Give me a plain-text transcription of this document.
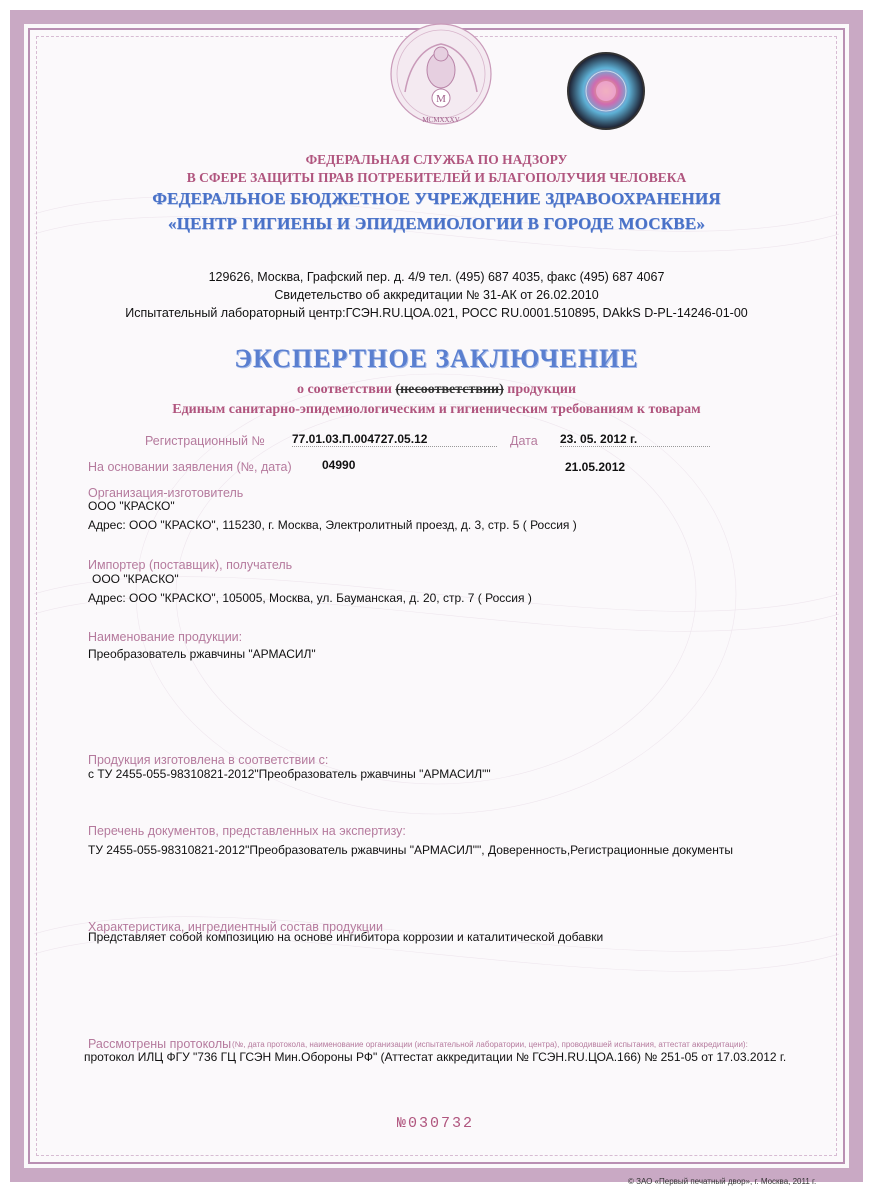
M
MCMXXXV
ФЕДЕРАЛЬНАЯ СЛУЖБА ПО НАДЗОРУ
В СФЕРЕ ЗАЩИТЫ ПРАВ ПОТРЕБИТЕЛЕЙ И БЛАГОПОЛУЧИЯ ЧЕЛОВЕКА
ФЕДЕРАЛЬНОЕ БЮДЖЕТНОЕ УЧРЕЖДЕНИЕ ЗДРАВООХРАНЕНИЯ
«ЦЕНТР ГИГИЕНЫ И ЭПИДЕМИОЛОГИИ В ГОРОДЕ МОСКВЕ»
129626, Москва, Графский пер. д. 4/9 тел. (495) 687 4035, факс (495) 687 4067
Свидетельство об аккредитации № 31-АК от 26.02.2010
Испытательный лабораторный центр:ГСЭН.RU.ЦОА.021, РОСС RU.0001.510895, DAkkS D-PL-14246-01-00
ЭКСПЕРТНОЕ ЗАКЛЮЧЕНИЕ
о соответствии (несоответствии) продукции
Единым санитарно-эпидемиологическим и гигиеническим требованиям к товарам
Регистрационный № 77.01.03.П.004727.05.12	Дата 23. 05. 2012 г.
На основании заявления (№, дата)	04990	21.05.2012
Организация-изготовитель
ООО "КРАСКО"
Адрес: ООО "КРАСКО", 115230, г. Москва, Электролитный проезд, д. 3, стр. 5 ( Россия )
Импортер (поставщик), получатель
ООО "КРАСКО"
Адрес: ООО "КРАСКО", 105005, Москва, ул. Бауманская, д. 20, стр. 7 ( Россия )
Наименование продукции:
Преобразователь ржавчины "АРМАСИЛ"
Продукция изготовлена в соответствии с:
с ТУ 2455-055-98310821-2012"Преобразователь ржавчины "АРМАСИЛ""
Перечень документов, представленных на экспертизу:
ТУ 2455-055-98310821-2012"Преобразователь ржавчины "АРМАСИЛ"", Доверенность,Регистрационные документы
Характеристика, ингредиентный состав продукции
Представляет собой композицию на основе ингибитора коррозии и каталитической добавки
Рассмотрены протоколы (№, дата протокола, наименование организации (испытательной лаборатории, центра), проводившей испытания, аттестат аккредитации):
протокол ИЛЦ ФГУ "736 ГЦ ГСЭН Мин.Обороны РФ" (Аттестат аккредитации № ГСЭН.RU.ЦОА.166) № 251-05 от 17.03.2012 г.
№030732
© ЗАО «Первый печатный двор», г. Москва, 2011 г.
